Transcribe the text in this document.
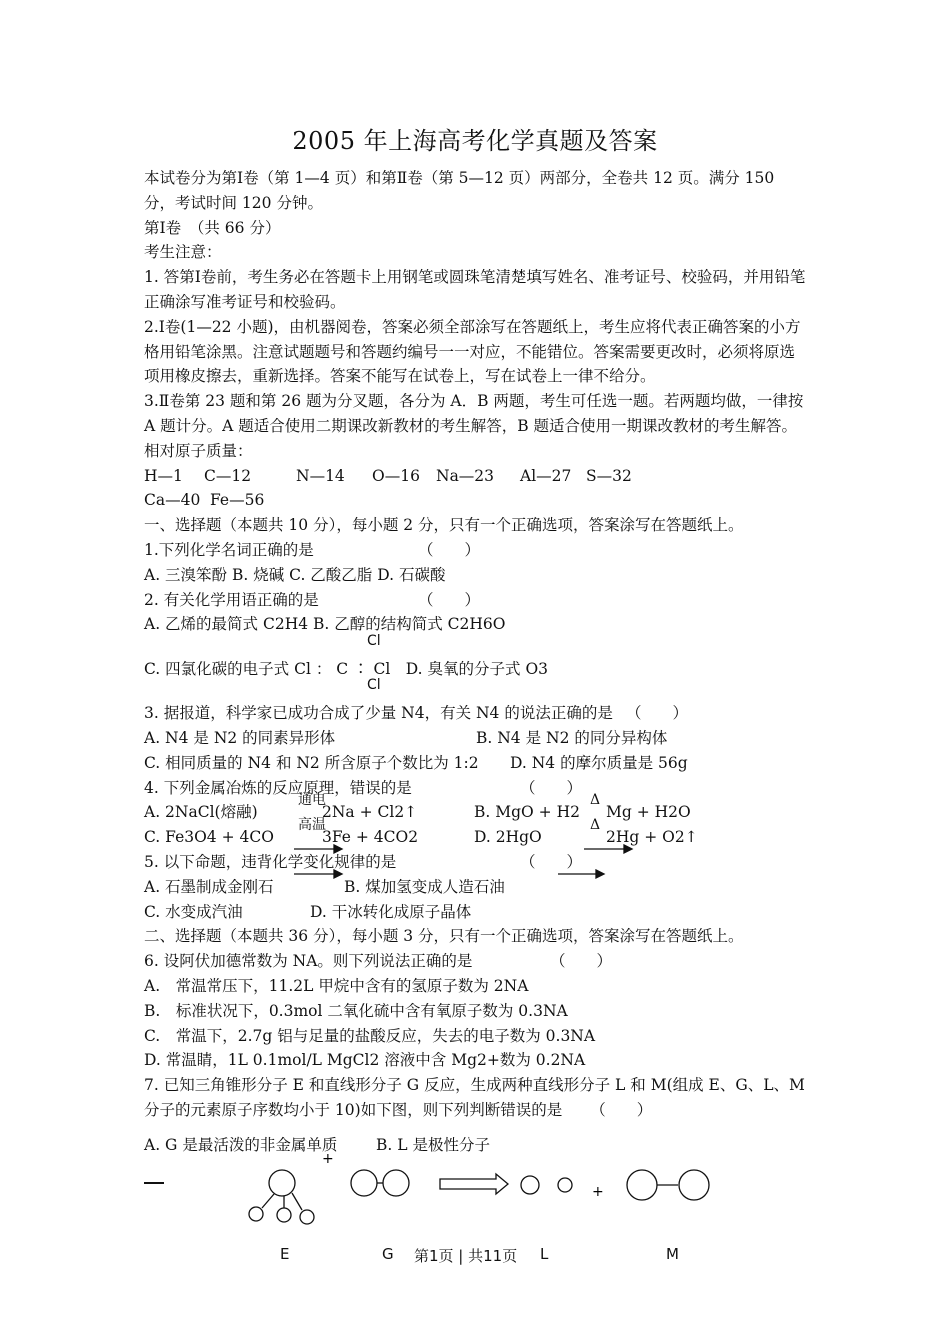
2005 年上海高考化学真题及答案
本试卷分为第Ⅰ卷（第 1—4 页）和第Ⅱ卷（第 5—12 页）两部分，全卷共 12 页。满分 150 分，考试时间 120 分钟。
第Ⅰ卷　（共 66 分）
考生注意：
1. 答第Ⅰ卷前，考生务必在答题卡上用钢笔或圆珠笔清楚填写姓名、准考证号、校验码，并用铅笔正确涂写准考证号和校验码。
2.Ⅰ卷(1—22 小题)，由机器阅卷，答案必须全部涂写在答题纸上，考生应将代表正确答案的小方格用铅笔涂黑。注意试题题号和答题约编号一一对应，不能错位。答案需要更改时，必须将原选项用橡皮擦去，重新选择。答案不能写在试卷上，写在试卷上一律不给分。
3.Ⅱ卷第 23 题和第 26 题为分叉题，各分为 A．B 两题，考生可任选一题。若两题均做，一律按 A 题计分。A 题适合使用二期课改新教材的考生解答，B 题适合使用一期课改教材的考生解答。
相对原子质量：
H—1 C—12	N—14 O—16 Na—23 Al—27 S—32
Ca—40 Fe—56
一、选择题（本题共 10 分），每小题 2 分，只有一个正确选项，答案涂写在答题纸上。
1.下列化学名词正确的是	（　　）
A. 三溴笨酚 B. 烧碱 C. 乙酸乙脂 D. 石碳酸
2. 有关化学用语正确的是	（　　）
A. 乙烯的最简式 C2H4 B. 乙醇的结构简式 C2H6O
Cl
C. 四氯化碳的电子式 Cl ： C ∶ Cl　D. 臭氧的分子式 O3
Cl
3. 据报道，科学家已成功合成了少量 N4，有关 N4 的说法正确的是 （　　）
A. N4 是 N2 的同素异形体	B. N4 是 N2 的同分异构体
C. 相同质量的 N4 和 N2 所含原子个数比为 1:2 D. N4 的摩尔质量是 56g
4. 下列金属冶炼的反应原理，错误的是	（　　）
A. 2NaCl(熔融)
通电
2Na + Cl2↑	B. MgO + H2
Δ
Mg + H2O
C. Fe3O4 + 4CO
高温
3Fe + 4CO2	D. 2HgO
Δ
2Hg + O2↑
5. 以下命题，违背化学变化规律的是	（　　）
A. 石墨制成金刚石	B. 煤加氢变成人造石油
C. 水变成汽油	D. 干冰转化成原子晶体
二、选择题（本题共 36 分），每小题 3 分，只有一个正确选项，答案涂写在答题纸上。
6. 设阿伏加德常数为 NA。则下列说法正确的是	（　　）
A.　常温常压下，11.2L 甲烷中含有的氢原子数为 2NA
B.　标准状况下，0.3mol 二氧化硫中含有氧原子数为 0.3NA
C.　常温下，2.7g 铝与足量的盐酸反应，失去的电子数为 0.3NA
D. 常温睛，1L 0.1mol/L MgCl2 溶液中含 Mg2+数为 0.2NA
7. 已知三角锥形分子 E 和直线形分子 G 反应，生成两种直线形分子 L 和 M(组成 E、G、L、M 分子的元素原子序数均小于 10)如下图，则下列判断错误的是 （　　）
A. G 是最活泼的非金属单质 B. L 是极性分子
+
+
E	G 第1页 | 共11页 L	M
